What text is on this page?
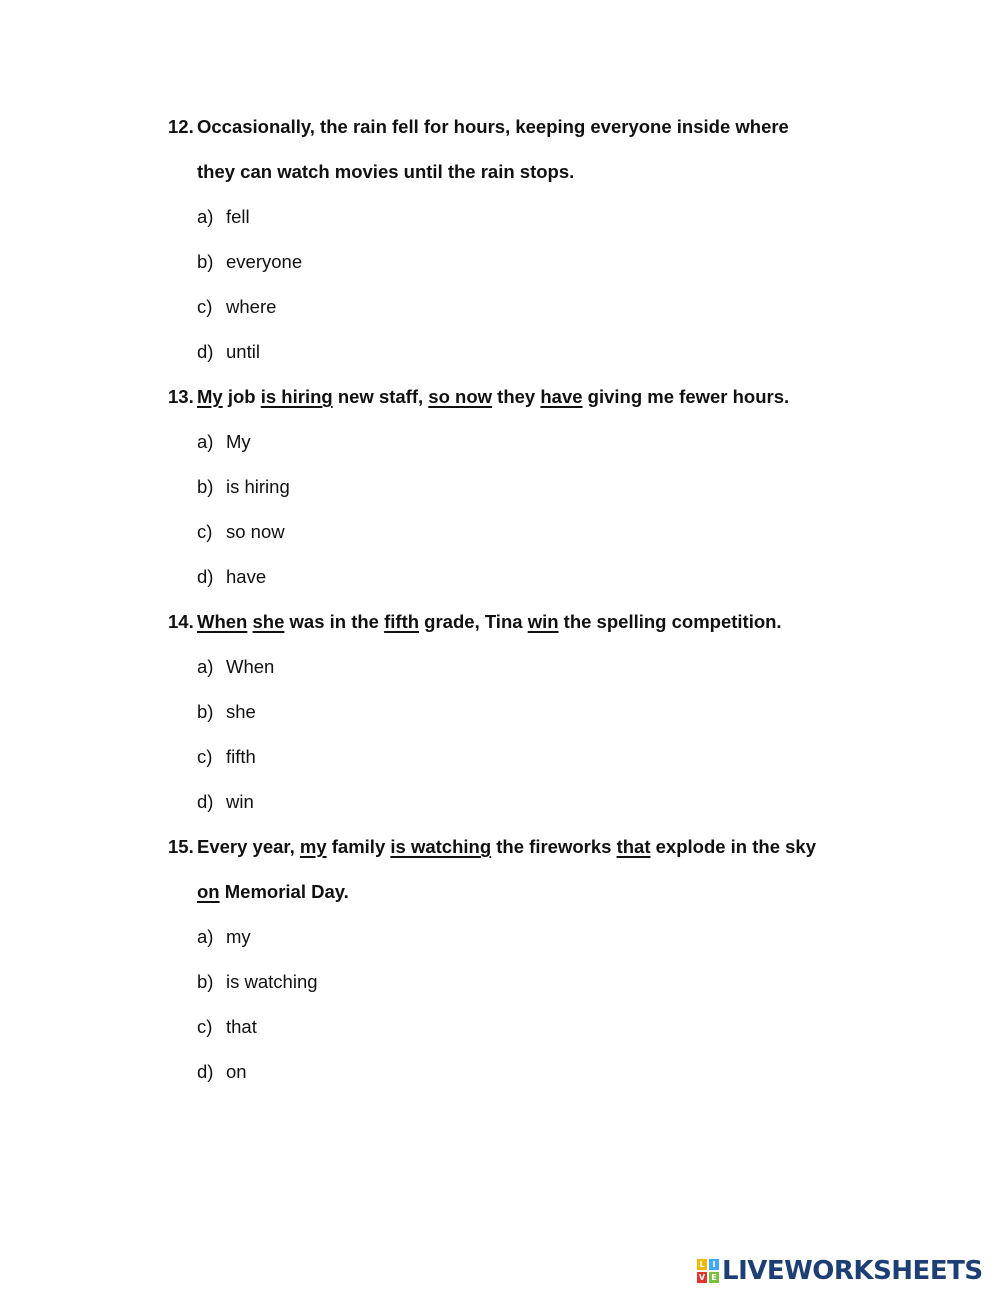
12. Occasionally, the rain fell for hours, keeping everyone inside where
they can watch movies until the rain stops.
a) fell
b) everyone
c) where
d) until
13. My job is hiring new staff, so now they have giving me fewer hours.
a) My
b) is hiring
c) so now
d) have
14. When she was in the fifth grade, Tina win the spelling competition.
a) When
b) she
c) fifth
d) win
15. Every year, my family is watching the fireworks that explode in the sky
on Memorial Day.
a) my
b) is watching
c) that
d) on
L I
V E LIVEWORKSHEETS
